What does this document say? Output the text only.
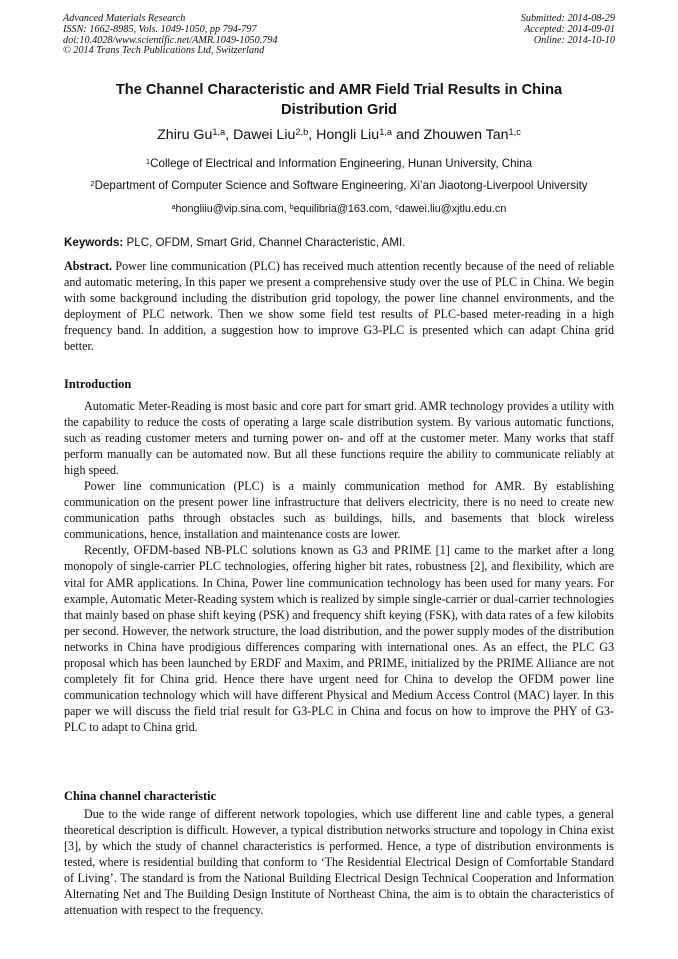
Advanced Materials Research
ISSN: 1662-8985, Vols. 1049-1050, pp 794-797
doi:10.4028/www.scientific.net/AMR.1049-1050.794
© 2014 Trans Tech Publications Ltd, Switzerland
Submitted: 2014-08-29
Accepted: 2014-09-01
Online: 2014-10-10
The Channel Characteristic and AMR Field Trial Results in China
Distribution Grid
Zhiru Gu$^{1,a}$, Dawei Liu$^{2,b}$, Hongli Liu$^{1,a}$ and Zhouwen Tan$^{1,c}$
$^1$College of Electrical and Information Engineering, Hunan University, China
$^2$Department of Computer Science and Software Engineering, Xi’an Jiaotong-Liverpool University
$^a$hongliiu@vip.sina.com, $^b$equilibria@163.com, $^c$dawei.liu@xjtlu.edu.cn
Keywords: PLC, OFDM, Smart Grid, Channel Characteristic, AMI.
Abstract. Power line communication (PLC) has received much attention recently because of the need of reliable and automatic metering, In this paper we present a comprehensive study over the use of PLC in China. We begin with some background including the distribution grid topology, the power line channel environments, and the deployment of PLC network. Then we show some field test results of PLC-based meter-reading in a high frequency band. In addition, a suggestion how to improve G3-PLC is presented which can adapt China grid better.
Introduction

Automatic Meter-Reading is most basic and core part for smart grid. AMR technology provides a utility with the capability to reduce the costs of operating a large scale distribution system. By various automatic functions, such as reading customer meters and turning power on- and off at the customer meter. Many works that staff perform manually can be automated now. But all these functions require the ability to communicate reliably at high speed.

Power line communication (PLC) is a mainly communication method for AMR. By establishing communication on the present power line infrastructure that delivers electricity, there is no need to create new communication paths through obstacles such as buildings, hills, and basements that block wireless communications, hence, installation and maintenance costs are lower.

Recently, OFDM-based NB-PLC solutions known as G3 and PRIME [1] came to the market after a long monopoly of single-carrier PLC technologies, offering higher bit rates, robustness [2], and flexibility, which are vital for AMR applications. In China, Power line communication technology has been used for many years. For example, Automatic Meter-Reading system which is realized by simple single-carrier or dual-carrier technologies that mainly based on phase shift keying (PSK) and frequency shift keying (FSK), with data rates of a few kilobits per second. However, the network structure, the load distribution, and the power supply modes of the distribution networks in China have prodigious differences comparing with international ones. As an effect, the PLC G3 proposal which has been launched by ERDF and Maxim, and PRIME, initialized by the PRIME Alliance are not completely fit for China grid. Hence there have urgent need for China to develop the OFDM power line communication technology which will have different Physical and Medium Access Control (MAC) layer. In this paper we will discuss the field trial result for G3-PLC in China and focus on how to improve the PHY of G3-PLC to adapt to China grid.

China channel characteristic

Due to the wide range of different network topologies, which use different line and cable types, a general theoretical description is difficult. However, a typical distribution networks structure and topology in China exist [3], by which the study of channel characteristics is performed. Hence, a type of distribution environments is tested, where is residential building that conform to ‘The Residential Electrical Design of Comfortable Standard of Living’. The standard is from the National Building Electrical Design Technical Cooperation and Information Alternating Net and The Building Design Institute of Northeast China, the aim is to obtain the characteristics of attenuation with respect to the frequency.
